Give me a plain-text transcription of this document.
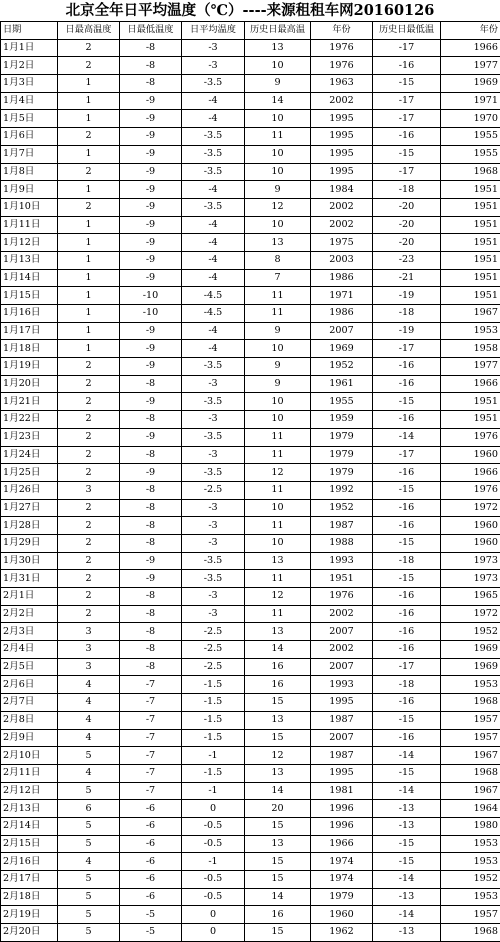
北京全年日平均温度（℃）----来源租租车网20160126
日期	日最高温度	日最低温度	日平均温度	历史日最高温	年份	历史日最低温	年份
1月1日	2	-8	-3	13	1976	-17	1966
1月2日	2	-8	-3	10	1976	-16	1977
1月3日	1	-8	-3.5	9	1963	-15	1969
1月4日	1	-9	-4	14	2002	-17	1971
1月5日	1	-9	-4	10	1995	-17	1970
1月6日	2	-9	-3.5	11	1995	-16	1955
1月7日	1	-9	-3.5	10	1995	-15	1955
1月8日	2	-9	-3.5	10	1995	-17	1968
1月9日	1	-9	-4	9	1984	-18	1951
1月10日	2	-9	-3.5	12	2002	-20	1951
1月11日	1	-9	-4	10	2002	-20	1951
1月12日	1	-9	-4	13	1975	-20	1951
1月13日	1	-9	-4	8	2003	-23	1951
1月14日	1	-9	-4	7	1986	-21	1951
1月15日	1	-10	-4.5	11	1971	-19	1951
1月16日	1	-10	-4.5	11	1986	-18	1967
1月17日	1	-9	-4	9	2007	-19	1953
1月18日	1	-9	-4	10	1969	-17	1958
1月19日	2	-9	-3.5	9	1952	-16	1977
1月20日	2	-8	-3	9	1961	-16	1966
1月21日	2	-9	-3.5	10	1955	-15	1951
1月22日	2	-8	-3	10	1959	-16	1951
1月23日	2	-9	-3.5	11	1979	-14	1976
1月24日	2	-8	-3	11	1979	-17	1960
1月25日	2	-9	-3.5	12	1979	-16	1966
1月26日	3	-8	-2.5	11	1992	-15	1976
1月27日	2	-8	-3	10	1952	-16	1972
1月28日	2	-8	-3	11	1987	-16	1960
1月29日	2	-8	-3	10	1988	-15	1960
1月30日	2	-9	-3.5	13	1993	-18	1973
1月31日	2	-9	-3.5	11	1951	-15	1973
2月1日	2	-8	-3	12	1976	-16	1965
2月2日	2	-8	-3	11	2002	-16	1972
2月3日	3	-8	-2.5	13	2007	-16	1952
2月4日	3	-8	-2.5	14	2002	-16	1969
2月5日	3	-8	-2.5	16	2007	-17	1969
2月6日	4	-7	-1.5	16	1993	-18	1953
2月7日	4	-7	-1.5	15	1995	-16	1968
2月8日	4	-7	-1.5	13	1987	-15	1957
2月9日	4	-7	-1.5	15	2007	-16	1957
2月10日	5	-7	-1	12	1987	-14	1967
2月11日	4	-7	-1.5	13	1995	-15	1968
2月12日	5	-7	-1	14	1981	-14	1967
2月13日	6	-6	0	20	1996	-13	1964
2月14日	5	-6	-0.5	15	1996	-13	1980
2月15日	5	-6	-0.5	13	1966	-15	1953
2月16日	4	-6	-1	15	1974	-15	1953
2月17日	5	-6	-0.5	15	1974	-14	1952
2月18日	5	-6	-0.5	14	1979	-13	1953
2月19日	5	-5	0	16	1960	-14	1957
2月20日	5	-5	0	15	1962	-13	1968
